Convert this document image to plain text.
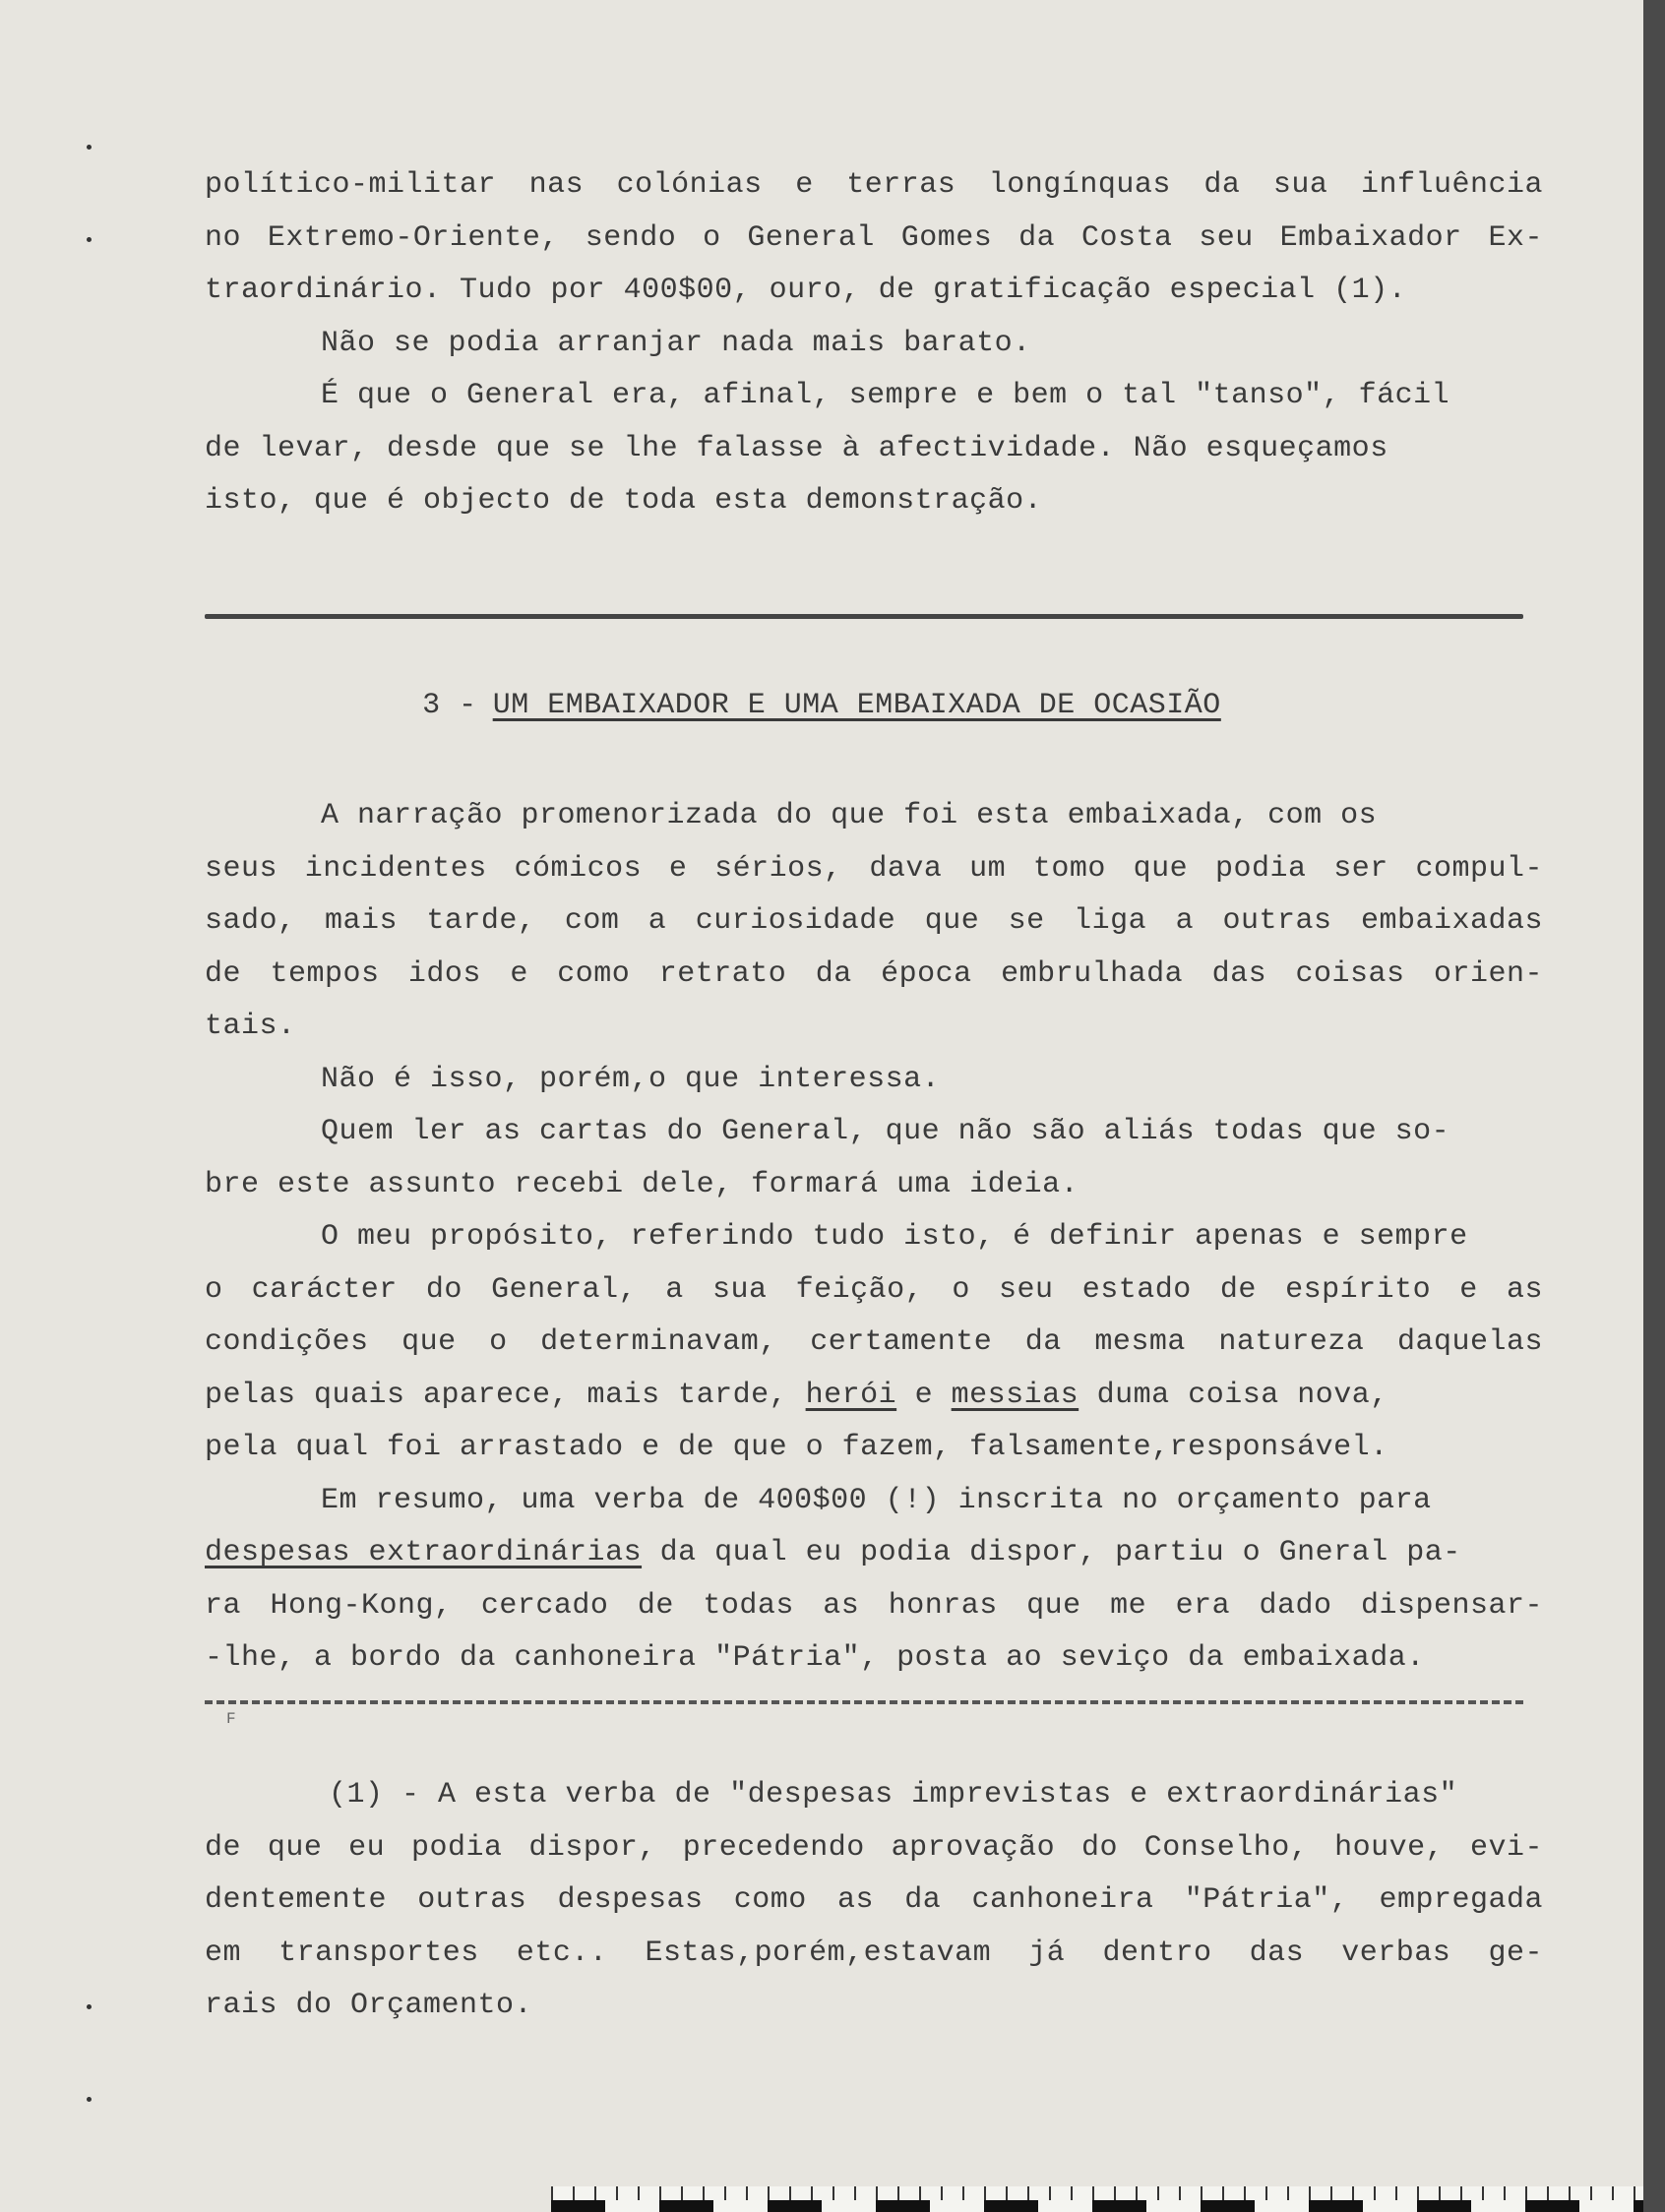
político-militar nas colónias e terras longínquas da sua influência
no Extremo-Oriente, sendo o General Gomes da Costa seu Embaixador Ex-
traordinário. Tudo por 400$00, ouro, de gratificação especial (1).
Não se podia arranjar nada mais barato.
É que o General era, afinal, sempre e bem o tal "tanso", fácil
de levar, desde que se lhe falasse à afectividade. Não esqueçamos
isto, que é objecto de toda esta demonstração.
3 - UM EMBAIXADOR E UMA EMBAIXADA DE OCASIÃO
A narração promenorizada do que foi esta embaixada, com os
seus incidentes cómicos e sérios, dava um tomo que podia ser compul-
sado, mais tarde, com a curiosidade que se liga a outras embaixadas
de tempos idos e como retrato da época embrulhada das coisas orien-
tais.
Não é isso, porém,o que interessa.
Quem ler as cartas do General, que não são aliás todas que so-
bre este assunto recebi dele, formará uma ideia.
O meu propósito, referindo tudo isto, é definir apenas e sempre
o carácter do General, a sua feição, o seu estado de espírito e as
condições que o determinavam, certamente da mesma natureza daquelas
pelas quais aparece, mais tarde, herói e messias duma coisa nova,
pela qual foi arrastado e de que o fazem, falsamente,responsável.
Em resumo, uma verba de 400$00 (!) inscrita no orçamento para
despesas extraordinárias da qual eu podia dispor, partiu o Gneral pa-
ra Hong-Kong, cercado de todas as honras que me era dado dispensar-
-lhe, a bordo da canhoneira "Pátria", posta ao seviço da embaixada.
F
(1) - A esta verba de "despesas imprevistas e extraordinárias"
de que eu podia dispor, precedendo aprovação do Conselho, houve, evi-
dentemente outras despesas como as da canhoneira "Pátria", empregada
em transportes etc.. Estas,porém,estavam já dentro das verbas ge-
rais do Orçamento.
